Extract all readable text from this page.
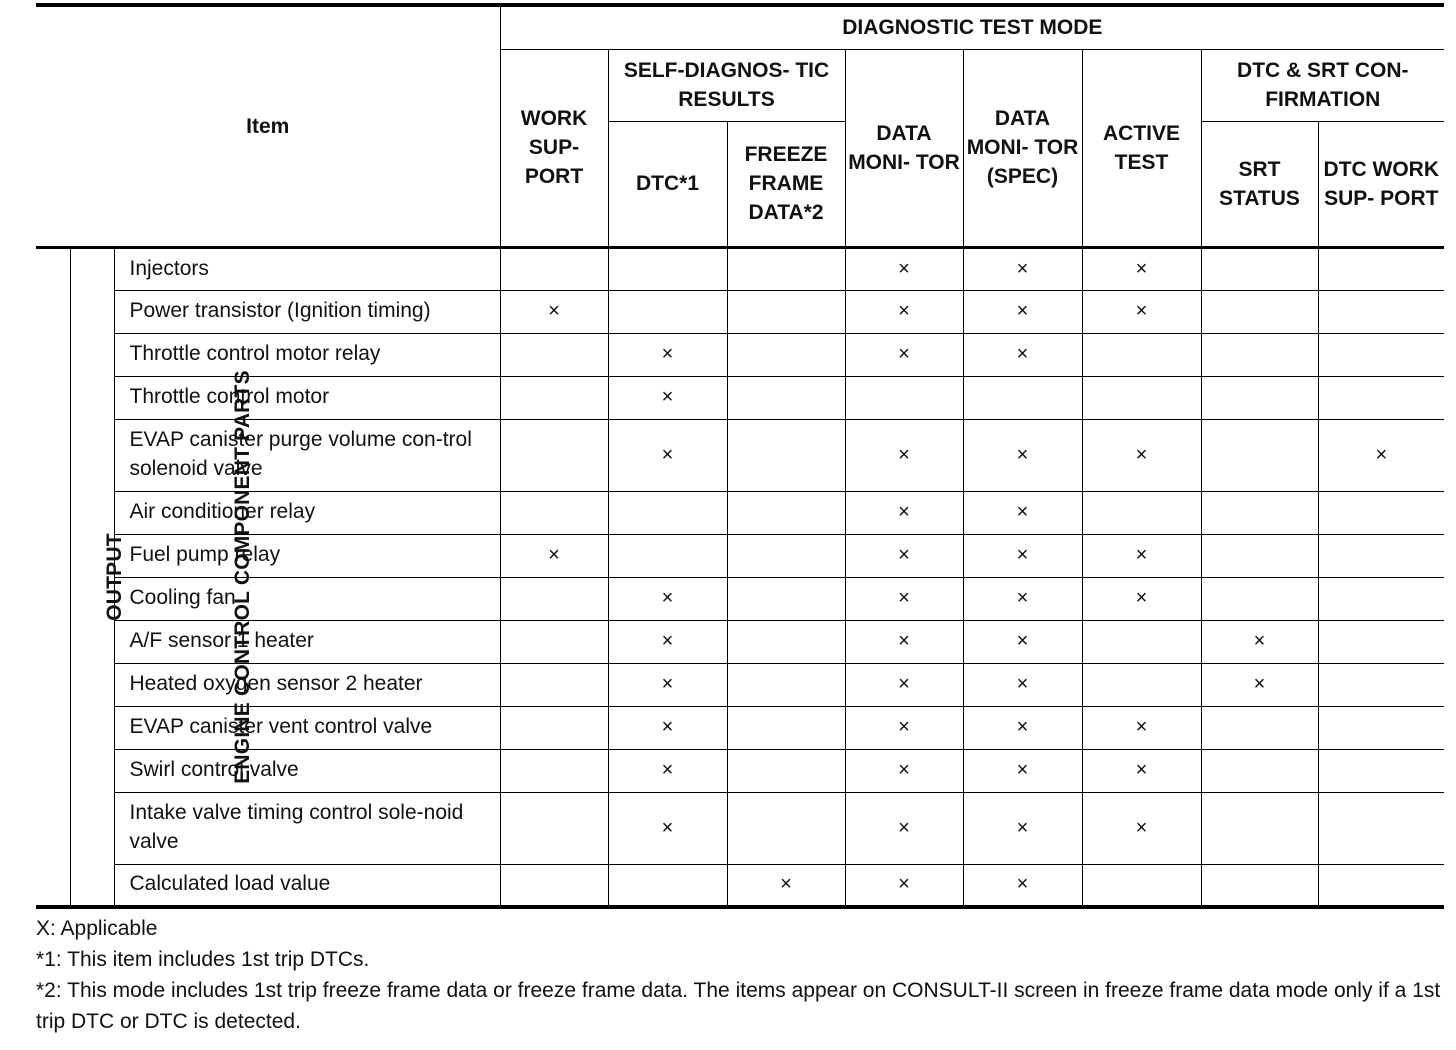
Item			DIAGNOSTIC TEST MODE							
			WORK SUP- PORT	SELF-DIAGNOS- TIC RESULTS		DATA MONI- TOR	DATA MONI- TOR (SPEC)	ACTIVE TEST	DTC & SRT CON- FIRMATION	
				DTC*1	FREEZE FRAME DATA*2				SRT STATUS	DTC WORK SUP- PORT
ENGINE CONTROL COMPONENT PARTS	OUTPUT	Injectors				×	×	×		
		Power transistor (Ignition timing)	×			×	×	×		
		Throttle control motor relay		×		×	×			
		Throttle control motor		×						
		EVAP canister purge volume con-trol solenoid valve		×		×	×	×		×
		Air conditioner relay				×	×			
		Fuel pump relay	×			×	×	×		
		Cooling fan		×		×	×	×		
		A/F sensor 1 heater		×		×	×		×	
		Heated oxygen sensor 2 heater		×		×	×		×	
		EVAP canister vent control valve		×		×	×	×		
		Swirl control valve		×		×	×	×		
		Intake valve timing control sole-noid valve		×		×	×	×		
		Calculated load value			×	×	×			
X: Applicable
*1: This item includes 1st trip DTCs.
*2: This mode includes 1st trip freeze frame data or freeze frame data. The items appear on CONSULT-II screen in freeze frame data mode only if a 1st trip DTC or DTC is detected.
